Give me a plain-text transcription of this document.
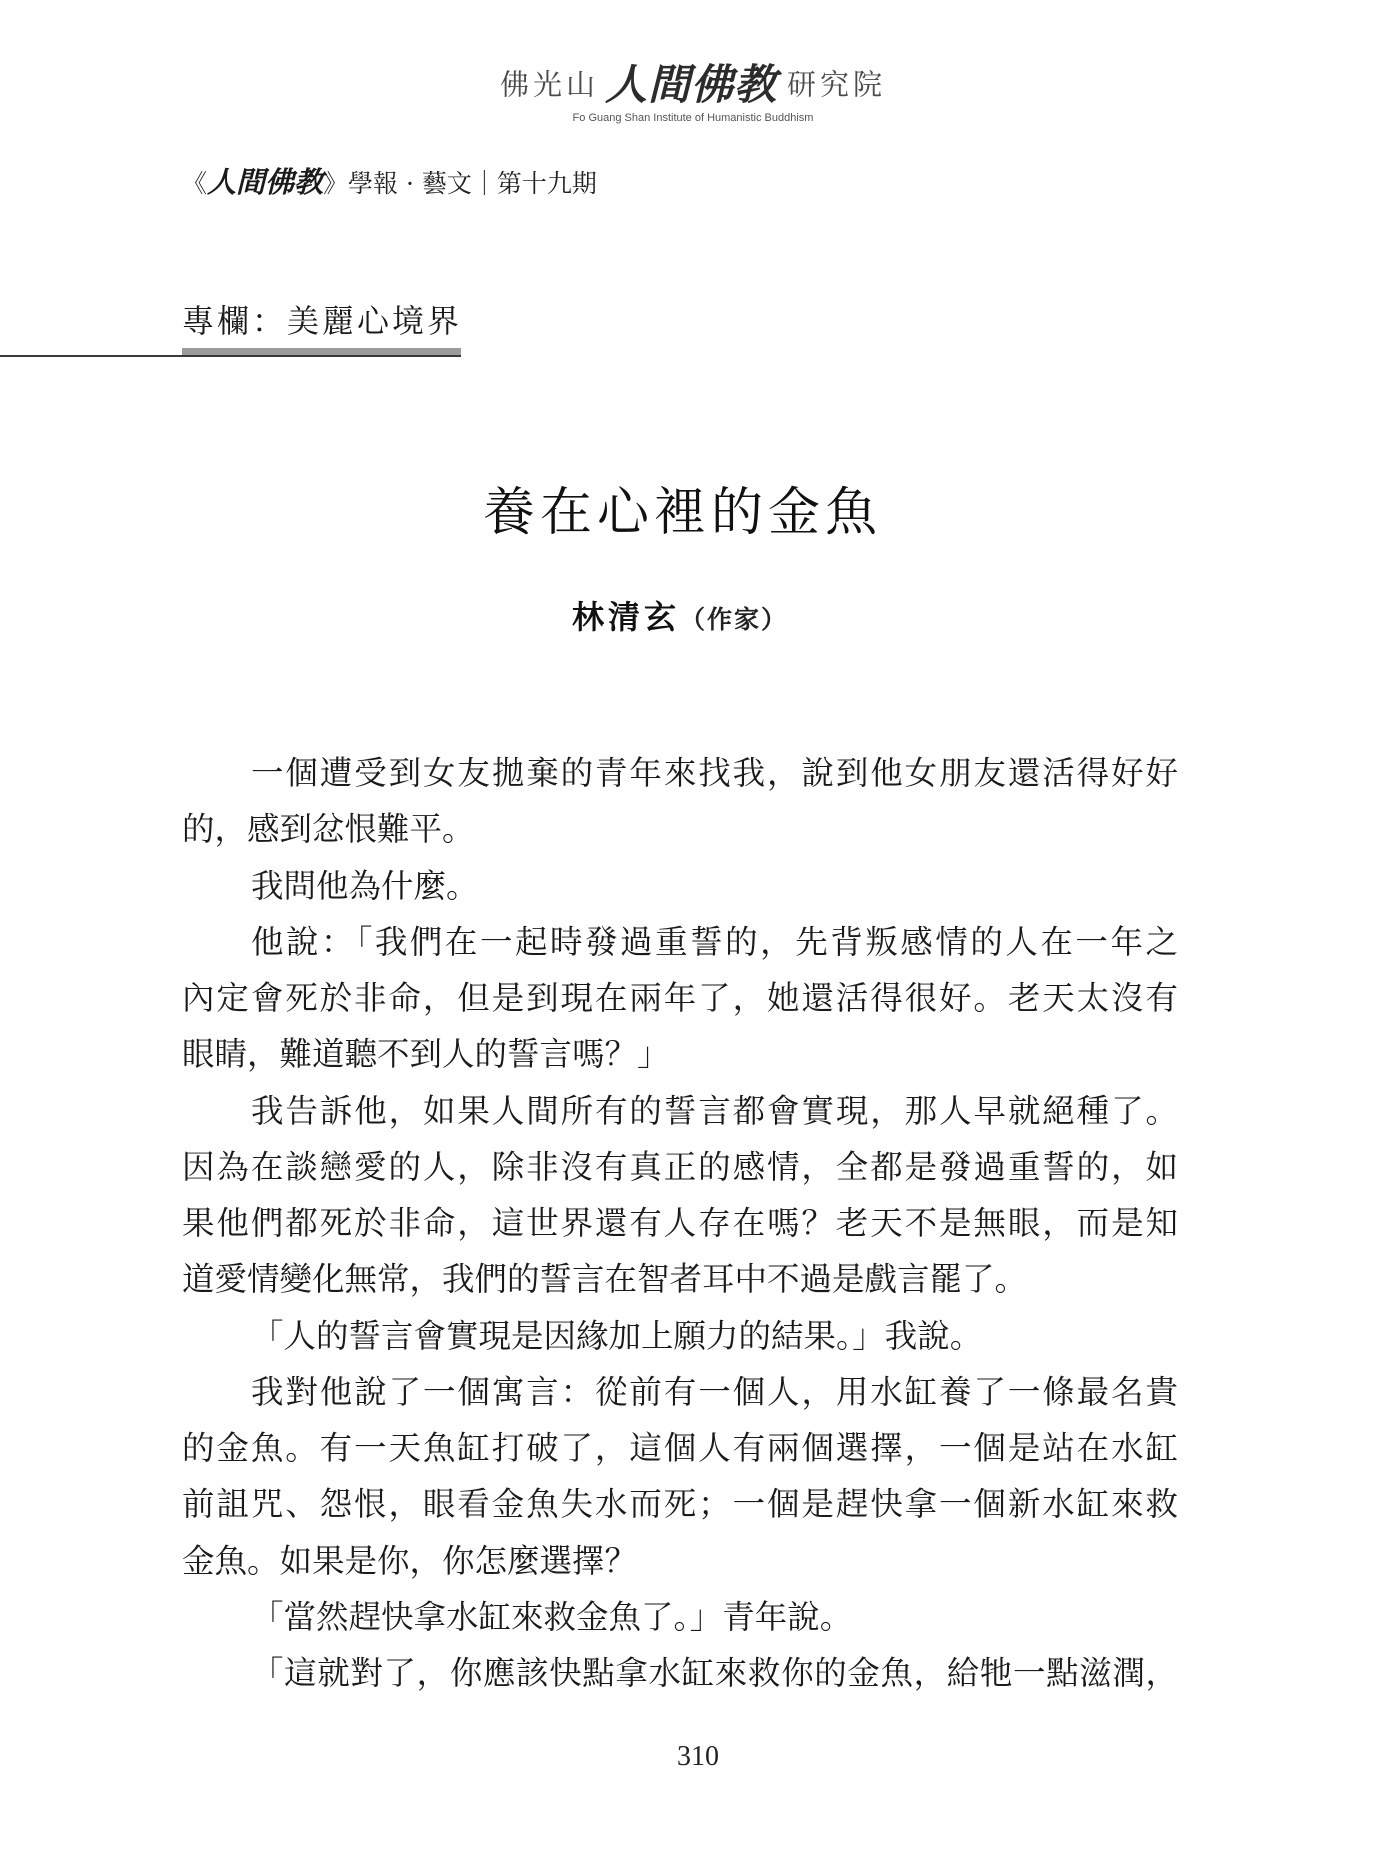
佛光山 人間佛教 研究院
Fo Guang Shan Institute of Humanistic Buddhism
《人間佛教》學報 · 藝文｜第十九期
專欄：美麗心境界
養在心裡的金魚
林清玄（作家）
一個遭受到女友拋棄的青年來找我，說到他女朋友還活得好好
的，感到忿恨難平。
我問他為什麼。
他說：「我們在一起時發過重誓的，先背叛感情的人在一年之
內定會死於非命，但是到現在兩年了，她還活得很好。老天太沒有
眼睛，難道聽不到人的誓言嗎？」
我告訴他，如果人間所有的誓言都會實現，那人早就絕種了。
因為在談戀愛的人，除非沒有真正的感情，全都是發過重誓的，如
果他們都死於非命，這世界還有人存在嗎？老天不是無眼，而是知
道愛情變化無常，我們的誓言在智者耳中不過是戲言罷了。
「人的誓言會實現是因緣加上願力的結果。」我說。
我對他說了一個寓言：從前有一個人，用水缸養了一條最名貴
的金魚。有一天魚缸打破了，這個人有兩個選擇，一個是站在水缸
前詛咒、怨恨，眼看金魚失水而死；一個是趕快拿一個新水缸來救
金魚。如果是你，你怎麼選擇？
「當然趕快拿水缸來救金魚了。」青年說。
「這就對了，你應該快點拿水缸來救你的金魚，給牠一點滋潤，
310
